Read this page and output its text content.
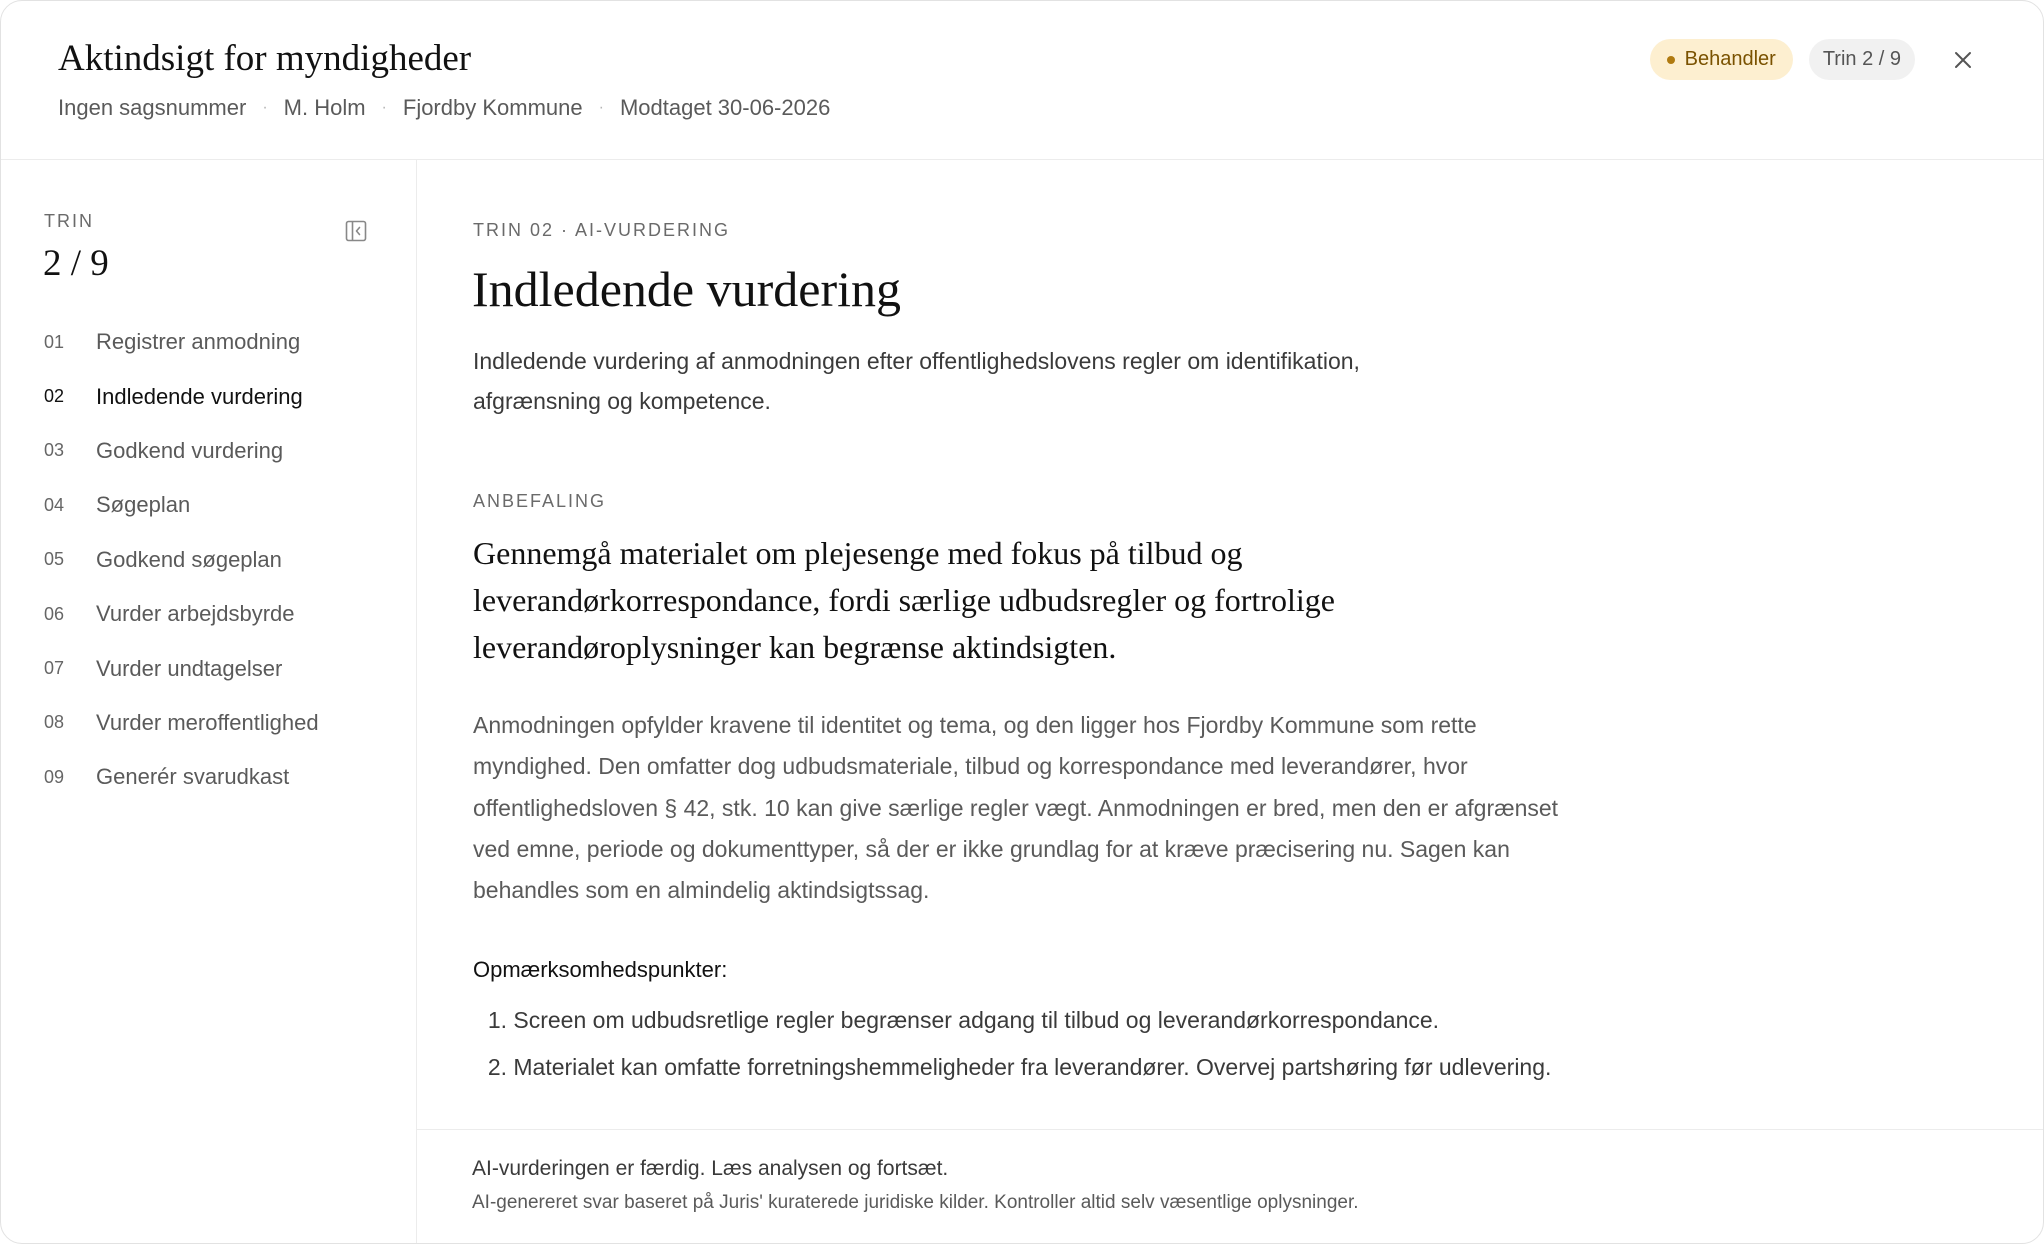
Aktindsigt for myndigheder
Ingen sagsnummer · M. Holm · Fjordby Kommune · Modtaget 30-06-2026
Behandler	Trin 2 / 9
TRIN
2 / 9
01 Registrer anmodning
02 Indledende vurdering
03 Godkend vurdering
04 Søgeplan
05 Godkend søgeplan
06 Vurder arbejdsbyrde
07 Vurder undtagelser
08 Vurder meroffentlighed
09 Generér svarudkast
TRIN 02 · AI-VURDERING
Indledende vurdering
Indledende vurdering af anmodningen efter offentlighedslovens regler om identifikation, afgrænsning og kompetence.
ANBEFALING
Gennemgå materialet om plejesenge med fokus på tilbud og leverandørkorrespondance, fordi særlige udbudsregler og fortrolige leverandøroplysninger kan begrænse aktindsigten.
Anmodningen opfylder kravene til identitet og tema, og den ligger hos Fjordby Kommune som rette myndighed. Den omfatter dog udbudsmateriale, tilbud og korrespondance med leverandører, hvor offentlighedsloven § 42, stk. 10 kan give særlige regler vægt. Anmodningen er bred, men den er afgrænset ved emne, periode og dokumenttyper, så der er ikke grundlag for at kræve præcisering nu. Sagen kan behandles som en almindelig aktindsigtssag.
Opmærksomhedspunkter:
1. Screen om udbudsretlige regler begrænser adgang til tilbud og leverandørkorrespondance.
2. Materialet kan omfatte forretningshemmeligheder fra leverandører. Overvej partshøring før udlevering.
AI-vurderingen er færdig. Læs analysen og fortsæt.
AI-genereret svar baseret på Juris' kuraterede juridiske kilder. Kontroller altid selv væsentlige oplysninger.
